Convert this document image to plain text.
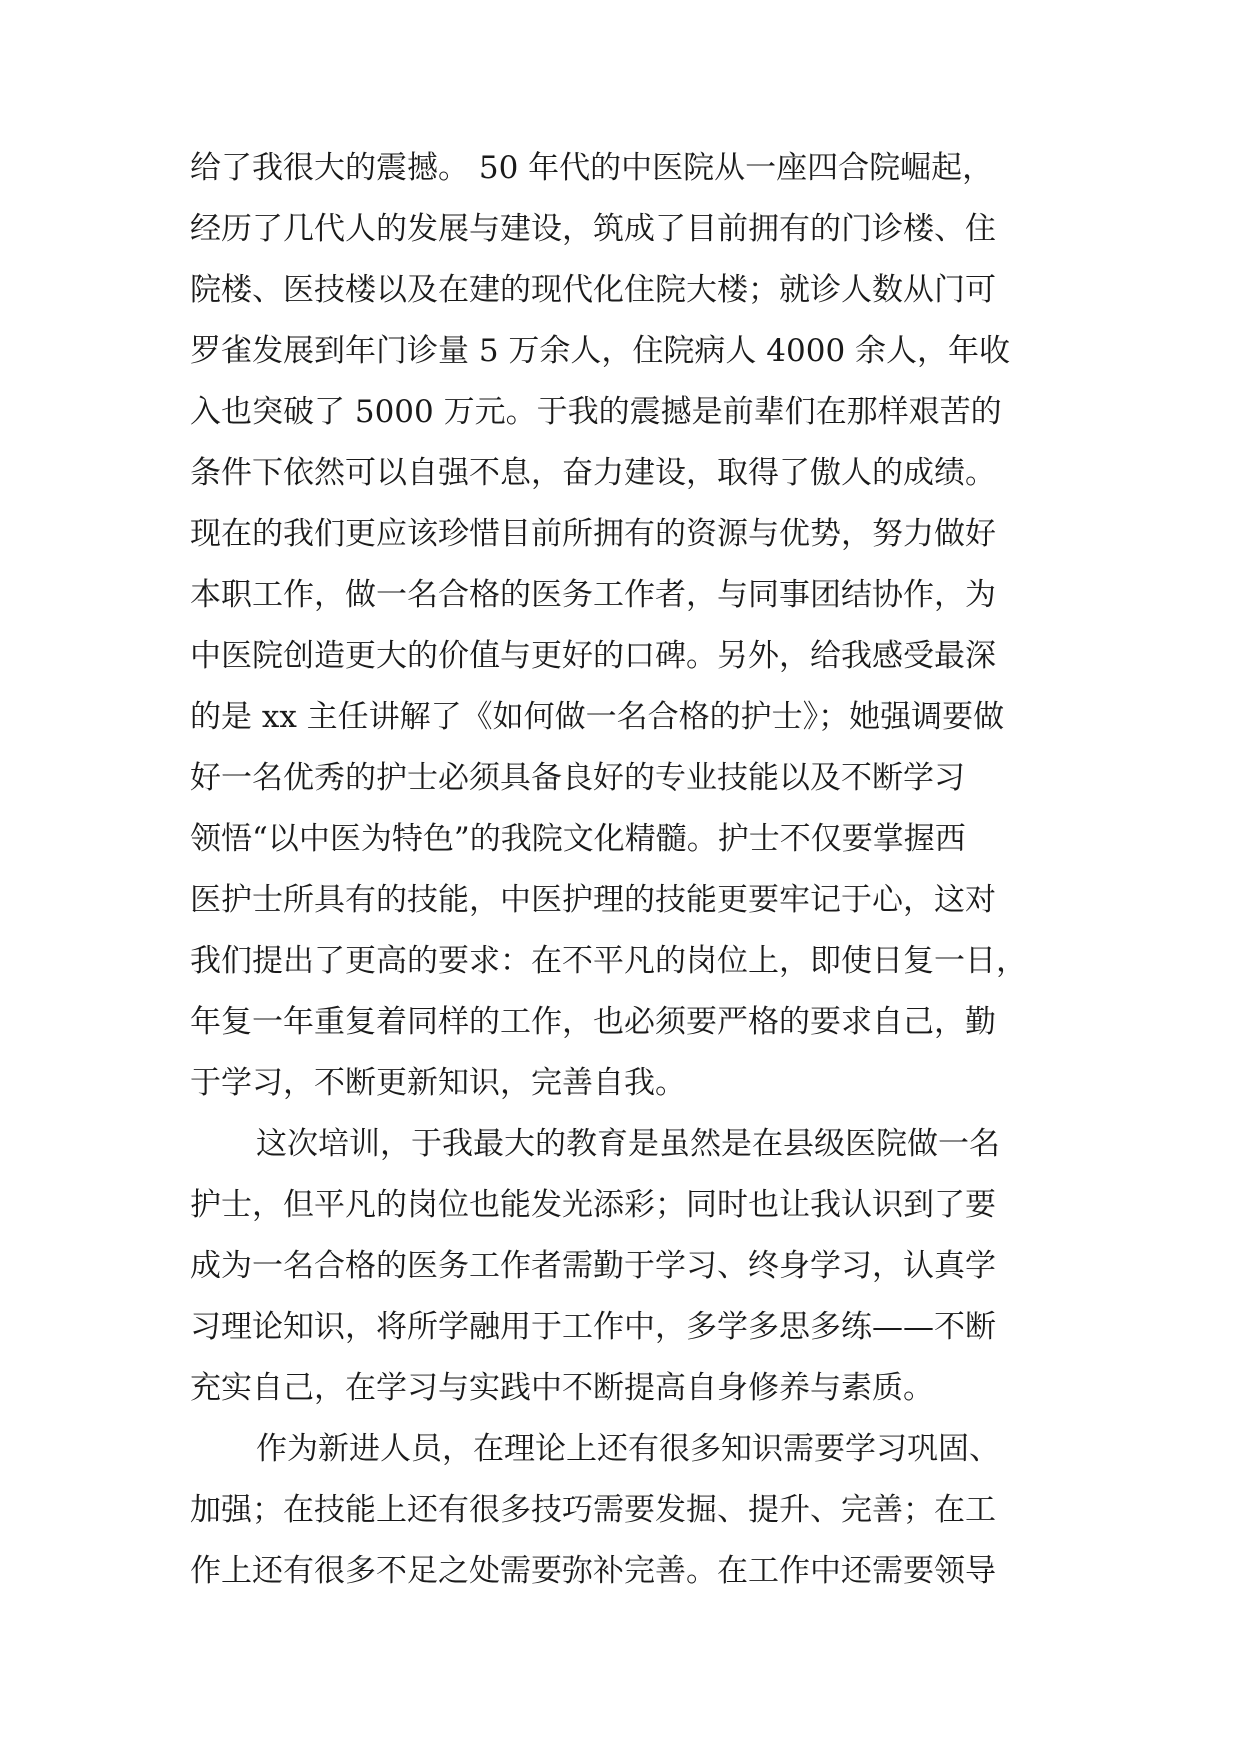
给了我很大的震撼。 50 年代的中医院从一座四合院崛起，
经历了几代人的发展与建设，筑成了目前拥有的门诊楼、住
院楼、医技楼以及在建的现代化住院大楼；就诊人数从门可
罗雀发展到年门诊量 5 万余人，住院病人 4000 余人，年收
入也突破了 5000 万元。于我的震撼是前辈们在那样艰苦的
条件下依然可以自强不息，奋力建设，取得了傲人的成绩。
现在的我们更应该珍惜目前所拥有的资源与优势，努力做好
本职工作，做一名合格的医务工作者，与同事团结协作，为
中医院创造更大的价值与更好的口碑。另外，给我感受最深
的是 xx 主任讲解了《如何做一名合格的护士》；她强调要做
好一名优秀的护士必须具备良好的专业技能以及不断学习
领悟“以中医为特色”的我院文化精髓。护士不仅要掌握西
医护士所具有的技能，中医护理的技能更要牢记于心，这对
我们提出了更高的要求：在不平凡的岗位上，即使日复一日，
年复一年重复着同样的工作，也必须要严格的要求自己，勤
于学习，不断更新知识，完善自我。
这次培训，于我最大的教育是虽然是在县级医院做一名
护士，但平凡的岗位也能发光添彩；同时也让我认识到了要
成为一名合格的医务工作者需勤于学习、终身学习，认真学
习理论知识，将所学融用于工作中，多学多思多练——不断
充实自己，在学习与实践中不断提高自身修养与素质。
作为新进人员，在理论上还有很多知识需要学习巩固、
加强；在技能上还有很多技巧需要发掘、提升、完善；在工
作上还有很多不足之处需要弥补完善。在工作中还需要领导
